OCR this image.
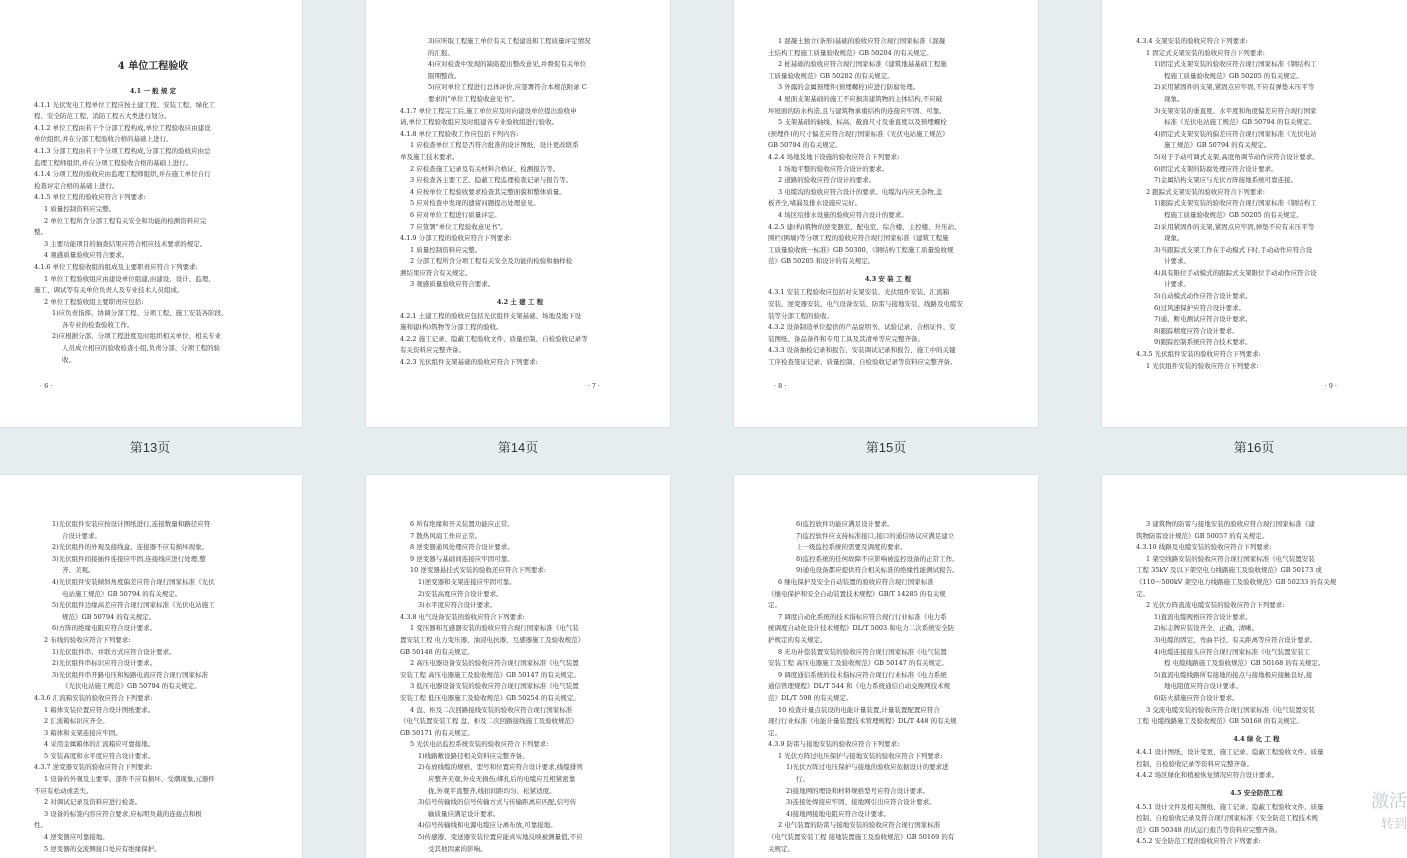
4 单位工程验收
4.1 一 般 规 定
4.1.1 光伏发电工程单位工程应按土建工程、安装工程、绿化工
程、安全防范工程、消防工程五大类进行划分。
4.1.2 单位工程由若干个分部工程构成,单位工程验收应由建设
单位组织,并在分部工程验收合格的基础上进行。
4.1.3 分部工程由若干个分项工程构成,分部工程的验收应由总
监理工程师组织,并在分项工程验收合格的基础上进行。
4.1.4 分项工程的验收应由监理工程师组织,并在施工单位自行
检查评定合格的基础上进行。
4.1.5 单位工程的验收应符合下列要求:
1 质量控制资料应完整。
2 单位工程所含分部工程有关安全和功能的检测资料应完
整。
3 主要功能项目的抽查结果应符合相应技术要求的规定。
4 观感质量验收应符合要求。
4.1.6 单位工程验收组的组成及主要职责应符合下列要求:
1 单位工程验收组应由建设单位组建,由建设、设计、监理、
施工、调试等有关单位负责人及专业技术人员组成。
2 单位工程验收组主要职责应包括:
1)应负责指挥、协调分部工程、分项工程、施工安装各阶段、
各专业的检查验收工作。
2)应根据分部、分项工程进度及时组织相关单位、相关专业
人员成立相应的验收检查小组,负责分部、分项工程的验
收。
· 6 ·
3)应听取工程施工单位有关工程建设和工程质量评定情况
的汇报。
4)应对检查中发现的缺陷提出整改意见,并督促有关单位
限期整改。
5)应对单位工程进行总体评价,应签署符合本规范附录 C
要求的"单位工程验收意见书"。
4.1.7 单位工程完工后,施工单位应及时向建设单位提出验收申
请,单位工程验收组应及时组建各专业验收组进行验收。
4.1.8 单位工程验收工作应包括下列内容:
1 应检查单位工程是否符合批准的设计图纸、设计更改联系
单及施工技术要求。
2 应检查施工记录及有关材料合格证、检测报告等。
3 应检查各主要工艺、隐蔽工程监理检查记录与报告等。
4 应按单位工程验收要求检查其完整面貌和整体质量。
5 应对检查中发现的遗留问题提出处理意见。
6 应对单位工程进行质量评定。
7 应签署"单位工程验收意见书"。
4.1.9 分部工程的验收应符合下列要求:
1 质量控制资料应完整。
2 分部工程所含分项工程有关安全及功能的检验和抽样检
测结果应符合有关规定。
3 观感质量验收应符合要求。
4.2 土 建 工 程
4.2.1 土建工程的验收应包括光伏组件支架基础、场地及地下设
施和建(构)筑物等分部工程的验收。
4.2.2 施工记录、隐蔽工程验收文件、质量控制、自检验收记录等
有关资料应完整齐备。
4.2.3 光伏组件支架基础的验收应符合下列要求:
· 7 ·
1 混凝土独立(条形)基础的验收应符合现行国家标准《混凝
土结构工程施工质量验收规范》GB 50204 的有关规定。
2 桩基础的验收应符合现行国家标准《建筑地基基础工程施
工质量验收规范》GB 50202 的有关规定。
3 外露的金属预埋件(预埋螺栓)应进行防腐处理。
4 屋面支架基础的施工不应损害建筑物的主体结构,不应破
坏屋面的防水构造,且与建筑物承重结构的连接应牢固、可靠。
5 支架基础的轴线、标高、截面尺寸及垂直度以及预埋螺栓
(预埋件)的尺寸偏差应符合现行国家标准《光伏电站施工规范》
GB 50794 的有关规定。
4.2.4 场地及地下设施的验收应符合下列要求:
1 场地平整的验收应符合设计的要求。
2 道路的验收应符合设计的要求。
3 电缆沟的验收应符合设计的要求。电缆沟内应无杂物,盖
板齐全,堵漏及排水设施应完好。
4 场区给排水设施的验收应符合设计的要求。
4.2.5 建(构)筑物的逆变器室、配电室、综合楼、主控楼、升压站、
围栏(围墙)等分项工程的验收应符合现行国家标准《建筑工程施
工质量验收统一标准》GB 50300、《钢结构工程施工质量验收规
范》GB 50205 和设计的有关规定。
4.3 安 装 工 程
4.3.1 安装工程验收应包括对支架安装、光伏组件安装、汇流箱
安装、逆变器安装、电气设备安装、防雷与接地安装、线路及电缆安
装等分部工程的验收。
4.3.2 设备制造单位提供的产品说明书、试验记录、合格证件、安
装图纸、备品备件和专用工具及其清单等应完整齐备。
4.3.3 设备抽检记录和报告、安装调试记录和报告、施工中的关键
工序检查签证记录、质量控制、自检验收记录等资料应完整齐备。
· 8 ·
4.3.4 支架安装的验收应符合下列要求:
1 固定式支架安装的验收应符合下列要求:
1)固定式支架安装的验收应符合现行国家标准《钢结构工
程施工质量验收规范》GB 50205 的有关规定。
2)采用紧固件的支架,紧固点应牢固,不应有弹垫未压平等
现象。
3)支架安装的垂直度、水平度和角度偏差应符合现行国家
标准《光伏电站施工规范》GB 50794 的有关规定。
4)固定式支架安装的偏差应符合现行国家标准《光伏电站
施工规范》GB 50794 的有关规定。
5)对于手动可调式支架,高度角调节动作应符合设计要求。
6)固定式支架的防腐处理应符合设计要求。
7)金属结构支架应与光伏方阵接地系统可靠连接。
2 跟踪式支架安装的验收应符合下列要求:
1)跟踪式支架安装的验收应符合现行国家标准《钢结构工
程施工质量验收规范》GB 50205 的有关规定。
2)采用紧固件的支架,紧固点应牢固,弹垫不应有未压平等
现象。
3)当跟踪式支架工作在手动模式下时,手动动作应符合设
计要求。
4)具有限位手动模式的跟踪式支架限位手动动作应符合设
计要求。
5)自动模式动作应符合设计要求。
6)过风速保护应符合设计要求。
7)通、断电测试应符合设计要求。
8)跟踪精度应符合设计要求。
9)跟踪控制系统应符合技术要求。
4.3.5 光伏组件安装的验收应符合下列要求:
1 光伏组件安装的验收应符合下列要求:
· 9 ·
第13页	第14页	第15页	第16页
1)光伏组件安装应按设计图纸进行,连接数量和路径应符
合设计要求。
2)光伏组件的外观及接线盒、连接器不应有损坏现象。
3)光伏组件间接插件连接应牢固,连接线应进行处理,整
齐、美观。
4)光伏组件安装倾斜角度偏差应符合现行国家标准《光伏
电站施工规范》GB 50794 的有关规定。
5)光伏组件边缘高差应符合现行国家标准《光伏电站施工
规范》GB 50794 的有关规定。
6)方阵的绝缘电阻应符合设计要求。
2 布线的验收应符合下列要求:
1)光伏组件串、并联方式应符合设计要求。
2)光伏组件串标识应符合设计要求。
3)光伏组件串开路电压和短路电流应符合现行国家标准
《光伏电站施工规范》GB 50794 的有关规定。
4.3.6 汇流箱安装的验收应符合下列要求:
1 箱体安装位置应符合设计图纸要求。
2 汇流箱标识应齐全。
3 箱体和支架连接应牢固。
4 采用金属箱体的汇流箱应可靠接地。
5 安装高度和水平度应符合设计要求。
4.3.7 逆变器安装的验收应符合下列要求:
1 设备的外观及主要零、部件不应有损坏、受潮现象,元器件
不应有松动或丢失。
2 对调试记录及资料应进行检查。
3 设备的标签内容应符合要求,应标明负载的连接点和极
性。
4 逆变器应可靠接地。
5 逆变器的交流侧接口处应有绝缘保护。
6 所有绝缘和开关装置功能应正常。
7 散热风扇工作应正常。
8 逆变器通风处理应符合设计要求。
9 逆变器与基础间连接应牢固可靠。
10 逆变器悬挂式安装的验收还应符合下列要求:
1)逆变器和支架连接应牢固可靠。
2)安装高度应符合设计要求。
3)水平度应符合设计要求。
4.3.8 电气设备安装的验收应符合下列要求:
1 变压器和互感器安装的验收应符合现行国家标准《电气装
置安装工程 电力变压器、油浸电抗器、互感器施工及验收规范》
GB 50148 的有关规定。
2 高压电器设备安装的验收应符合现行国家标准《电气装置
安装工程 高压电器施工及验收规范》GB 50147 的有关规定。
3 低压电器设备安装的验收应符合现行国家标准《电气装置
安装工程 低压电器施工及验收规范》GB 50254 的有关规定。
4 盘、柜及二次回路接线安装的验收应符合现行国家标准
《电气装置安装工程 盘、柜及二次回路接线施工及验收规范》
GB 50171 的有关规定。
5 光伏电站监控系统安装的验收应符合下列要求:
1)线路敷设路径相关资料应完整齐备。
2)布放线缆的规格、型号和位置应符合设计要求,线缆排列
应整齐美观,外皮无损伤;绑扎后的电缆应互相紧密靠
拢,外观平直整齐,线扣间距均匀、松紧适度。
3)信号传输线的信号传输方式与传输距离应匹配,信号传
输质量应满足设计要求。
4)信号传输线和电源电缆应分离布放,可靠接地。
5)传感器、变送器安装位置应能真实地反映被测量值,不应
受其他因素的影响。
6)监控软件功能应满足设计要求。
7)监控软件应支持标准接口,接口的通信协议应满足建立
上一级监控系统的需要及调度的要求。
8)监控系统的任何故障不应影响被监控设备的正常工作。
9)通电设备都应提供符合相关标准的绝缘性能测试报告。
6 继电保护及安全自动装置的验收应符合现行国家标准
《继电保护和安全自动装置技术规程》GB/T 14285 的有关规
定。
7 调度自动化系统的技术指标应符合现行行业标准《电力系
统调度自动化设计技术规程》DL/T 5003 和电力二次系统安全防
护规定的有关规定。
8 无功补偿装置安装的验收应符合现行国家标准《电气装置
安装工程 高压电器施工及验收规范》GB 50147 的有关规定。
9 调度通信系统的技术指标应符合现行行业标准《电力系统
通信管理规程》DL/T 544 和《电力系统通信自动交换网技术规
范》DL/T 598 的有关规定。
10 检查计量点装设的电能计量装置,计量装置配置应符合
现行行业标准《电能计量装置技术管理规程》DL/T 448 的有关规
定。
4.3.9 防雷与接地安装的验收应符合下列要求:
1 光伏方阵过电压保护与接地安装的验收应符合下列要求:
1)光伏方阵过电压保护与接地的验收应依据设计的要求进
行。
2)接地网的埋设和材料规格型号应符合设计要求。
3)连接处焊接应牢固、接地网引出应符合设计要求。
4)接地网接地电阻应符合设计要求。
2 电气装置的防雷与接地安装的验收应符合现行国家标准
《电气装置安装工程 接地装置施工及验收规范》GB 50169 的有
关规定。
3 建筑物的防雷与接地安装的验收应符合现行国家标准《建
筑物防雷设计规范》GB 50057 的有关规定。
4.3.10 线路及电缆安装的验收应符合下列要求:
1 架空线路安装的验收应符合现行国家标准《电气装置安装
工程 35kV 及以下架空电力线路施工及验收规范》GB 50173 或
《110～500kV 架空电力线路施工及验收规范》GB 50233 的有关规
定。
2 光伏方阵直流电缆安装的验收应符合下列要求:
1)直流电缆规格应符合设计要求。
2)标志牌应装设齐全、正确、清晰。
3)电缆的固定、弯曲半径、有关距离等应符合设计要求。
4)电缆连接接头应符合现行国家标准《电气装置安装工
程 电缆线路施工及验收规范》GB 50168 的有关规定。
5)直流电缆线路所有接地的接点与接地极应接触良好,接
地电阻值应符合设计要求。
6)防火措施应符合设计要求。
3 交流电缆安装的验收应符合现行国家标准《电气装置安装
工程 电缆线路施工及验收规范》GB 50168 的有关规定。
4.4 绿 化 工 程
4.4.1 设计图纸、设计变更、施工记录、隐蔽工程验收文件、质量
控制、自检验收记录等资料应完整齐备。
4.4.2 场区绿化和植被恢复情况应符合设计要求。
4.5 安全防范工程
4.5.1 设计文件及相关图纸、施工记录、隐蔽工程验收文件、质量
控制、自检验收记录及符合现行国家标准《安全防范工程技术规
范》GB 50348 的试运行报告等资料应完整齐备。
4.5.2 安全防范工程的验收应符合下列要求:
激活
转到
